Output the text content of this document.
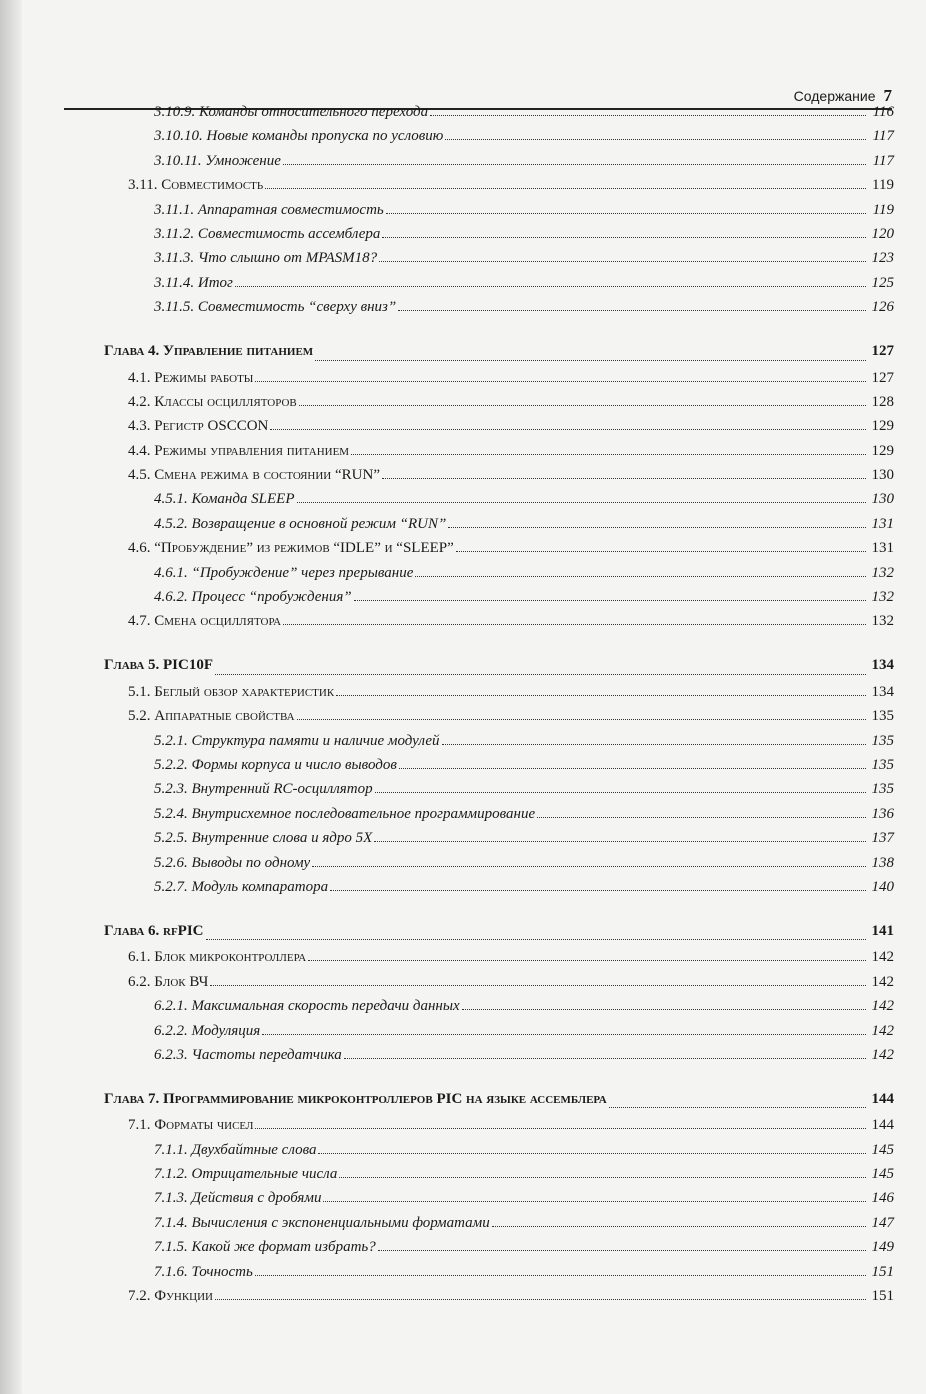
Содержание 7
3.10.9. Команды относительного перехода	116
3.10.10. Новые команды пропуска по условию	117
3.10.11. Умножение	117
3.11. Совместимость	119
3.11.1. Аппаратная совместимость	119
3.11.2. Совместимость ассемблера	120
3.11.3. Что слышно от MPASM18?	123
3.11.4. Итог	125
3.11.5. Совместимость “сверху вниз”	126
Глава 4. Управление питанием	127
4.1. Режимы работы	127
4.2. Классы осцилляторов	128
4.3. Регистр OSCCON	129
4.4. Режимы управления питанием	129
4.5. Смена режима в состоянии “RUN”	130
4.5.1. Команда SLEEP	130
4.5.2. Возвращение в основной режим “RUN”	131
4.6. “Пробуждение” из режимов “IDLE” и “SLEEP”	131
4.6.1. “Пробуждение” через прерывание	132
4.6.2. Процесс “пробуждения”	132
4.7. Смена осциллятора	132
Глава 5. PIC10F	134
5.1. Беглый обзор характеристик	134
5.2. Аппаратные свойства	135
5.2.1. Структура памяти и наличие модулей	135
5.2.2. Формы корпуса и число выводов	135
5.2.3. Внутренний RC-осциллятор	135
5.2.4. Внутрисхемное последовательное программирование	136
5.2.5. Внутренние слова и ядро 5X	137
5.2.6. Выводы по одному	138
5.2.7. Модуль компаратора	140
Глава 6. rfPIC	141
6.1. Блок микроконтроллера	142
6.2. Блок ВЧ	142
6.2.1. Максимальная скорость передачи данных	142
6.2.2. Модуляция	142
6.2.3. Частоты передатчика	142
Глава 7. Программирование микроконтроллеров PIC на языке ассемблера	144
7.1. Форматы чисел	144
7.1.1. Двухбайтные слова	145
7.1.2. Отрицательные числа	145
7.1.3. Действия с дробями	146
7.1.4. Вычисления с экспоненциальными форматами	147
7.1.5. Какой же формат избрать?	149
7.1.6. Точность	151
7.2. Функции	151
